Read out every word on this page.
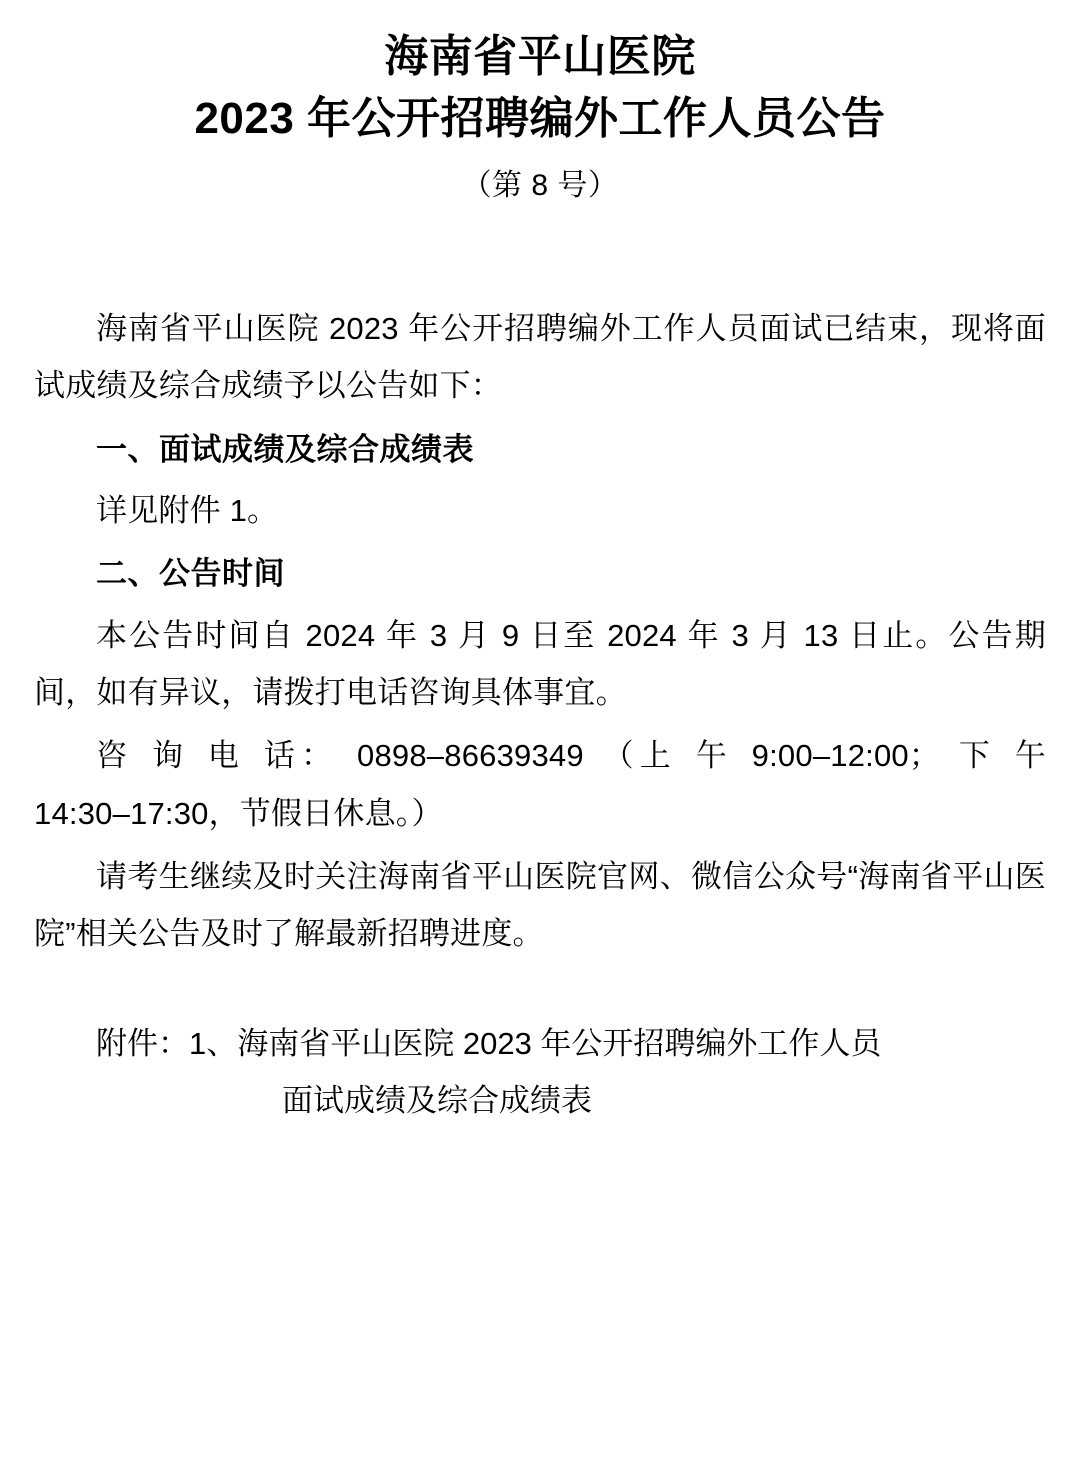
海南省平山医院
2023 年公开招聘编外工作人员公告
（第 8 号）

海南省平山医院 2023 年公开招聘编外工作人员面试已结束，现将面试成绩及综合成绩予以公告如下：

一、面试成绩及综合成绩表

详见附件 1。

二、公告时间

本公告时间自 2024 年 3 月 9 日至 2024 年 3 月 13 日止。公告期间，如有异议，请拨打电话咨询具体事宜。

咨 询 电 话： 0898–86639349 （上 午 9:00–12:00； 下 午 14:30–17:30，节假日休息。）

请考生继续及时关注海南省平山医院官网、微信公众号“海南省平山医院”相关公告及时了解最新招聘进度。

附件：1、海南省平山医院 2023 年公开招聘编外工作人员

面试成绩及综合成绩表
